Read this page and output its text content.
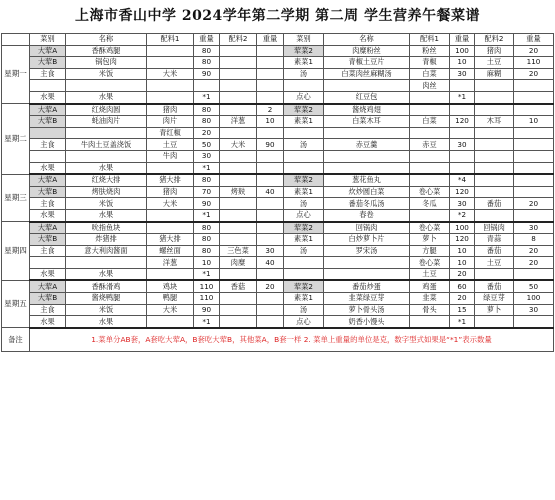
上海市香山中学 2024学年第二学期 第二周 学生营养午餐菜谱
	菜别	名称	配料1	重量	配料2	重量	菜别	名称	配料1	重量	配料2	重量
星期一	大荤A	香酥鸡腿		80			荤菜2	肉糜粉丝	粉丝	100	猪肉	20
	大荤B	锅包肉		80			素菜1	青椒土豆片	青椒	10	土豆	110
	主食	米饭	大米	90			汤	白菜肉丝麻糊汤	白菜	30	麻糊	20
									肉丝			
	水果	水果		*1			点心	红豆包		*1		
星期二	大荤A	红烧肉圆	猪肉	80		2	荤菜2	酱烧鸡翅				
	大荤B	蚝油肉片	肉片	80	洋葱	10	素菜1	白菜木耳	白菜	120	木耳	10
			青红椒	20								
	主食	牛肉土豆盖浇饭	土豆	50	大米	90	汤	赤豆羹	赤豆	30		
			牛肉	30								
	水果	水果		*1								
星期三	大荤A	红烧大排	猪大排	80			荤菜2	葱花鱼丸		*4		
	大荤B	烤肤烧肉	猪肉	70	烤麸	40	素菜1	炊炒圆白菜	卷心菜	120		
	主食	米饭	大米	90			汤	番茄冬瓜汤	冬瓜	30	番茄	20
	水果	水果		*1			点心	春卷		*2		
星期四	大荤A	吮指鱼块		80			荤菜2	回锅肉	卷心菜	100	回锅肉	30
	大荤B	炸猪排	猪大排	80			素菜1	白炒萝卜片	萝卜	120	青蒜	8
	主食	意大利肉酱面	螺丝面	80	三色菜	30	汤	罗宋汤	方腿	10	番茄	20
			洋葱	10	肉糜	40			卷心菜	10	土豆	20
	水果	水果		*1					土豆	20		
星期五	大荤A	香酥滑鸡	鸡块	110	香菇	20	荤菜2	番茄炒蛋	鸡蛋	60	番茄	50
	大荤B	酱烧鸭腿	鸭腿	110			素菜1	韭菜绿豆芽	韭菜	20	绿豆芽	100
	主食	米饭	大米	90			汤	萝卜骨头汤	骨头	15	萝卜	30
	水果	水果		*1			点心	奶香小馒头		*1		
备注	1.菜单分AB套，A套吃大荤A，B套吃大荤B，其他菜A，B套一样 2. 菜单上重量的单位是克，数字型式如果是“*1”表示数量											
